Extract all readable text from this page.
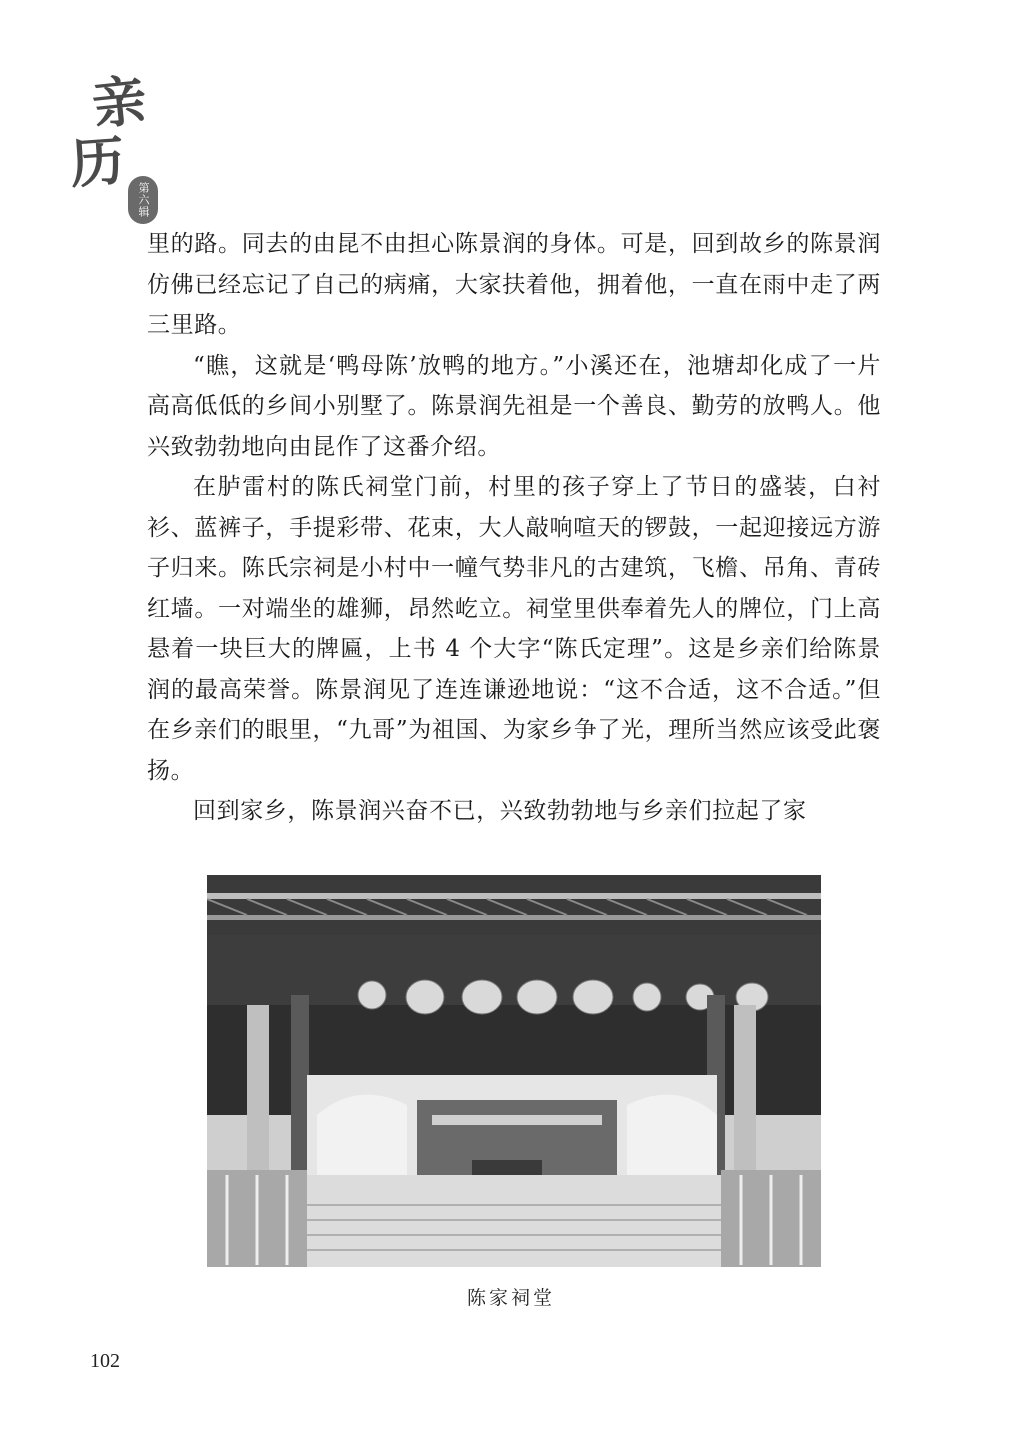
亲
历
第六辑

里的路。同去的由昆不由担心陈景润的身体。可是，回到故乡的陈景润仿佛已经忘记了自己的病痛，大家扶着他，拥着他，一直在雨中走了两三里路。

“瞧，这就是‘鸭母陈’放鸭的地方。”小溪还在，池塘却化成了一片高高低低的乡间小别墅了。陈景润先祖是一个善良、勤劳的放鸭人。他兴致勃勃地向由昆作了这番介绍。

在胪雷村的陈氏祠堂门前，村里的孩子穿上了节日的盛装，白衬衫、蓝裤子，手提彩带、花束，大人敲响喧天的锣鼓，一起迎接远方游子归来。陈氏宗祠是小村中一幢气势非凡的古建筑，飞檐、吊角、青砖红墙。一对端坐的雄狮，昂然屹立。祠堂里供奉着先人的牌位，门上高悬着一块巨大的牌匾，上书 4 个大字“陈氏定理”。这是乡亲们给陈景润的最高荣誉。陈景润见了连连谦逊地说：“这不合适，这不合适。”但在乡亲们的眼里，“九哥”为祖国、为家乡争了光，理所当然应该受此褒扬。

回到家乡，陈景润兴奋不已，兴致勃勃地与乡亲们拉起了家

陈家祠堂
102
